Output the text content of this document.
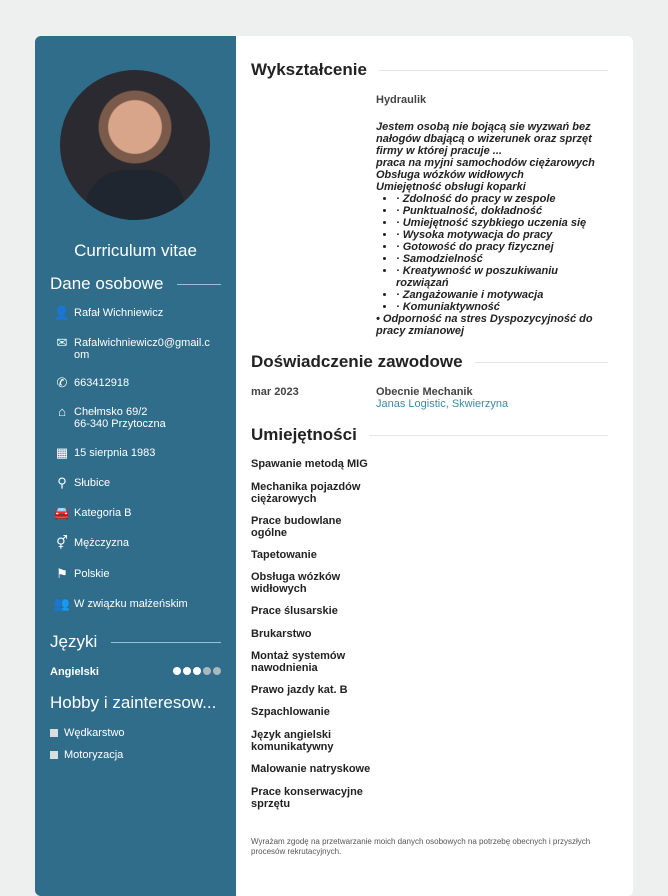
Curriculum vitae
Dane osobowe
👤 Rafał Wichniewicz
✉ Rafalwichniewicz0@gmail.com
✆ 663412918
⌂ Chełmsko 69/2
66-340 Przytoczna
▦ 15 sierpnia 1983
⚲ Słubice
🚘 Kategoria B
⚥ Mężczyzna
⚑ Polskie
👥 W związku małżeńskim
Języki
Angielski
Hobby i zainteresow...
Wędkarstwo
Motoryzacja
Wykształcenie
Hydraulik
Jestem osobą nie bojącą sie wyzwań bez nałogów dbającą o wizerunek oraz sprzęt firmy w której pracuje ...
praca na myjni samochodów ciężarowych
Obsługa wózków widłowych
Umiejętność obsługi koparki
• · Zdolność do pracy w zespole
• · Punktualność, dokładność
• · Umiejętność szybkiego uczenia się
• · Wysoka motywacja do pracy
• · Gotowość do pracy fizycznej
• · Samodzielność
• · Kreatywność w poszukiwaniu rozwiązań
• · Zangażowanie i motywacja
• · Komuniaktywność
• Odporność na stres Dyspozycyjność do pracy zmianowej
Doświadczenie zawodowe
mar 2023	Obecnie Mechanik
Janas Logistic, Skwierzyna
Umiejętności
Spawanie metodą MIG
Mechanika pojazdów ciężarowych
Prace budowlane ogólne
Tapetowanie
Obsługa wózków widłowych
Prace ślusarskie
Brukarstwo
Montaż systemów nawodnienia
Prawo jazdy kat. B
Szpachlowanie
Język angielski komunikatywny
Malowanie natryskowe
Prace konserwacyjne sprzętu
Wyrażam zgodę na przetwarzanie moich danych osobowych na potrzebę obecnych i przyszłych procesów rekrutacyjnych.
